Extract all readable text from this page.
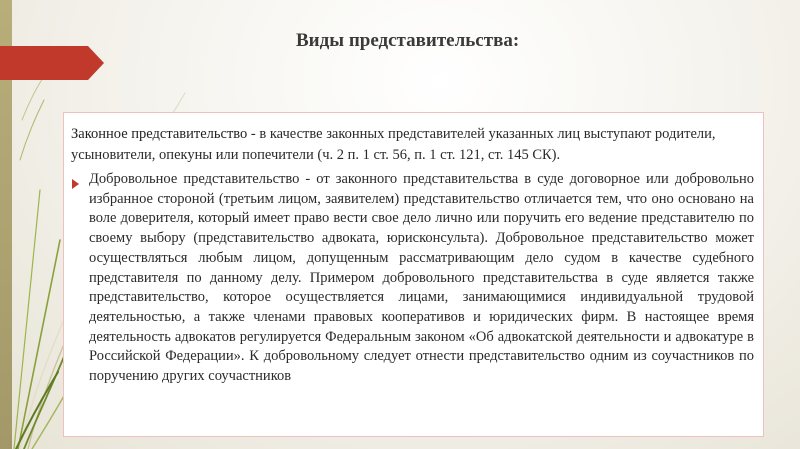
Виды представительства:

Законное представительство - в качестве законных представителей указанных лиц выступают родители, усыновители, опекуны или попечители (ч. 2 п. 1 ст. 56, п. 1 ст. 121, ст. 145 СК).

Добровольное представительство - от законного представительства в суде договорное или добровольно избранное стороной (третьим лицом, заявителем) представительство отличается тем, что оно основано на воле доверителя, который имеет право вести свое дело лично или поручить его ведение представителю по своему выбору (представительство адвоката, юрисконсульта). Добровольное представительство может осуществляться любым лицом, допущенным рассматривающим дело судом в качестве судебного представителя по данному делу. Примером добровольного представительства в суде является также представительство, которое осуществляется лицами, занимающимися индивидуальной трудовой деятельностью, а также членами правовых кооперативов и юридических фирм. В настоящее время деятельность адвокатов регулируется Федеральным законом «Об адвокатской деятельности и адвокатуре в Российской Федерации». К добровольному следует отнести представительство одним из соучастников по поручению других соучастников
